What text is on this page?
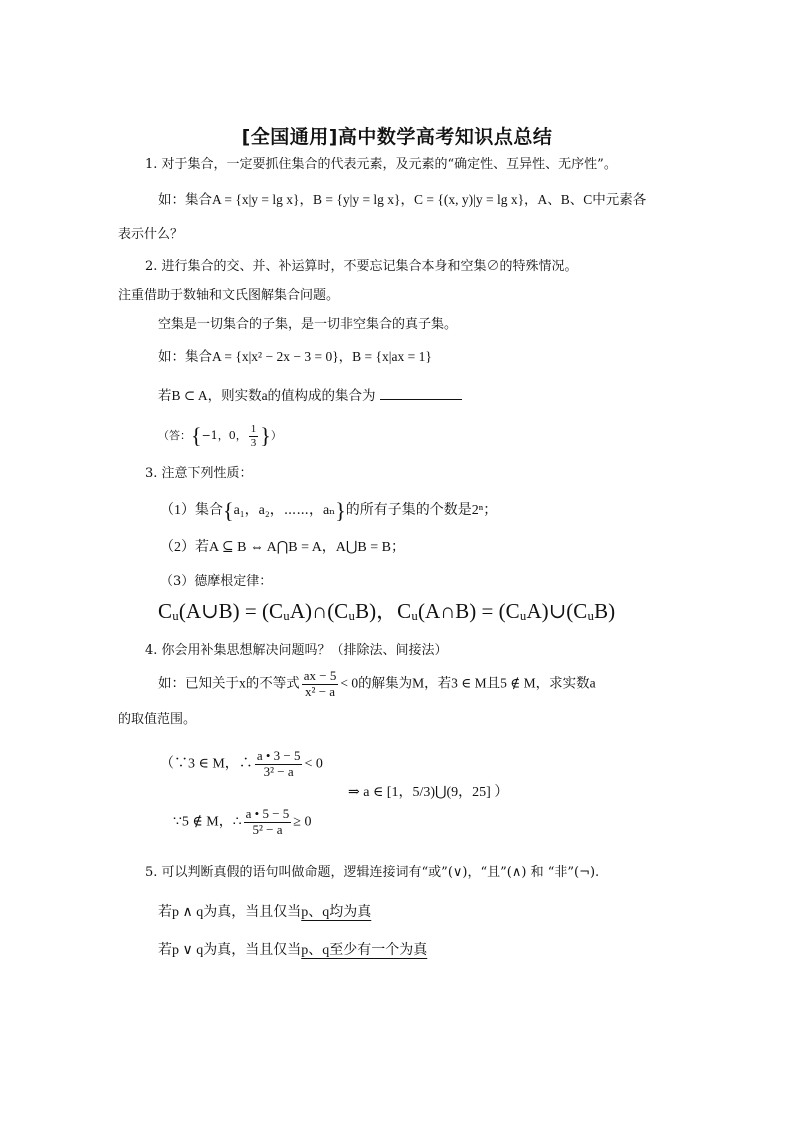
[全国通用]高中数学高考知识点总结
1. 对于集合，一定要抓住集合的代表元素，及元素的“确定性、互异性、无序性”。
如：集合A = {x|y = lg x}，B = {y|y = lg x}，C = {(x, y)|y = lg x}，A、B、C中元素各
表示什么？
2. 进行集合的交、并、补运算时，不要忘记集合本身和空集∅的特殊情况。
注重借助于数轴和文氏图解集合问题。
空集是一切集合的子集，是一切非空集合的真子集。
如：集合A = {x|x² − 2x − 3 = 0}，B = {x|ax = 1}
若B ⊂ A，则实数a的值构成的集合为
（答：{−1，0， $\frac{1}{3}$ }）
3. 注意下列性质：
（1）集合{a₁，a₂，⋯⋯，aₙ}的所有子集的个数是2ⁿ；
（2）若A ⊆ B ⇔ A⋂B = A，A⋃B = B；
（3）德摩根定律：
Cᵤ(A∪B) = (CᵤA)∩(CᵤB)，Cᵤ(A∩B) = (CᵤA)∪(CᵤB)
4. 你会用补集思想解决问题吗？（排除法、间接法）
如：已知关于x的不等式 $\frac{ax - 5}{\text{x² − a}} < 0$的解集为M，若3 ∈ M且5 ∉ M，求实数a
的取值范围。
（∵3 ∈ M，∴ $\frac{a • 3 - 5}{\text{3² − a}} < 0$
∵5 ∉ M，∴ $\frac{a • 5 - 5}{\text{5² − a}} \ge 0$
⇒ a ∈ [1，5/3)⋃(9，25] ）
5. 可以判断真假的语句叫做命题，逻辑连接词有“或”(∨)，“且”(∧) 和 “非”(¬).
若p ∧ q为真，当且仅当p、q均为真
若p ∨ q为真，当且仅当p、q至少有一个为真
